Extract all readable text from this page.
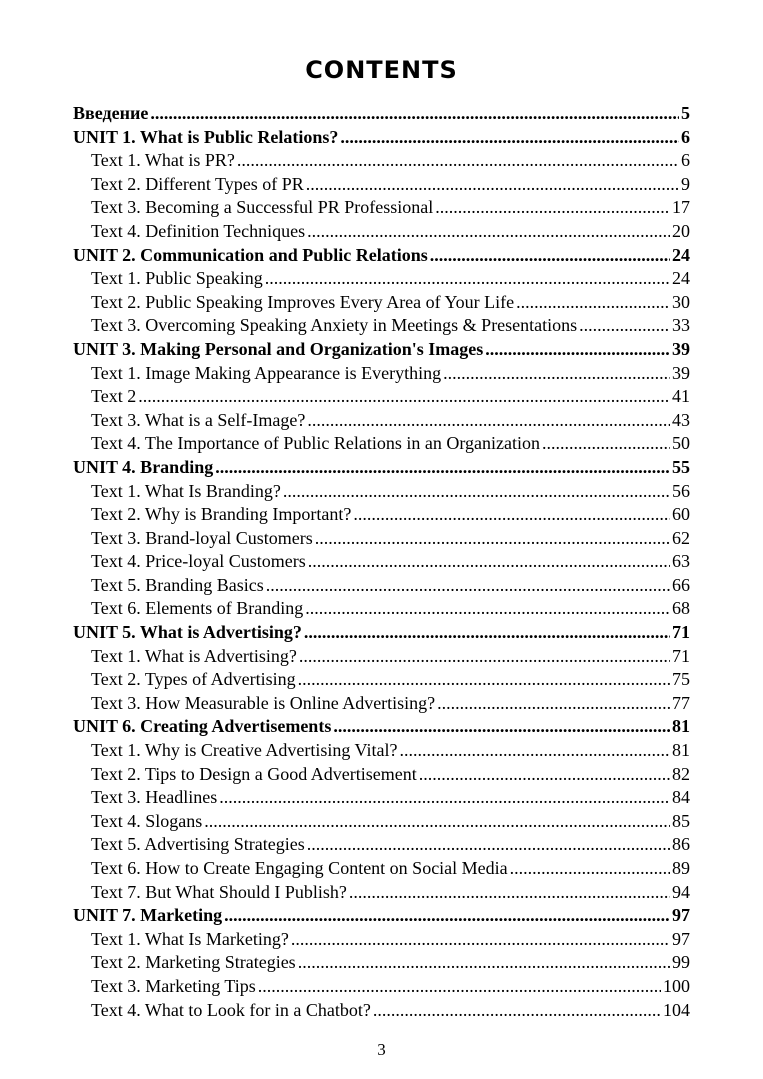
CONTENTS
Введение .....	5
UNIT 1. What is Public Relations? .....	6
Text 1. What is PR? .....	6
Text 2. Different Types of PR .....	9
Text 3. Becoming a Successful PR Professional .....	17
Text 4. Definition Techniques .....	20
UNIT 2. Communication and Public Relations .....	24
Text 1. Public Speaking .....	24
Text 2. Public Speaking Improves Every Area of Your Life .....	30
Text 3. Overcoming Speaking Anxiety in Meetings & Presentations .....	33
UNIT 3. Making Personal and Organization's Images .....	39
Text 1. Image Making Appearance is Everything .....	39
Text 2 .....	41
Text 3. What is a Self-Image? .....	43
Text 4. The Importance of Public Relations in an Organization .....	50
UNIT 4. Branding .....	55
Text 1. What Is Branding? .....	56
Text 2. Why is Branding Important? .....	60
Text 3. Brand-loyal Customers .....	62
Text 4. Price-loyal Customers .....	63
Text 5. Branding Basics .....	66
Text 6. Elements of Branding .....	68
UNIT 5. What is Advertising? .....	71
Text 1. What is Advertising? .....	71
Text 2. Types of Advertising .....	75
Text 3. How Measurable is Online Advertising? .....	77
UNIT 6. Creating Advertisements .....	81
Text 1. Why is Creative Advertising Vital? .....	81
Text 2. Tips to Design a Good Advertisement .....	82
Text 3. Headlines .....	84
Text 4. Slogans .....	85
Text 5. Advertising Strategies .....	86
Text 6. How to Create Engaging Content on Social Media .....	89
Text 7. But What Should I Publish? .....	94
UNIT 7. Marketing .....	97
Text 1. What Is Marketing? .....	97
Text 2. Marketing Strategies .....	99
Text 3. Marketing Tips .....	100
Text 4. What to Look for in a Chatbot? .....	104
3
